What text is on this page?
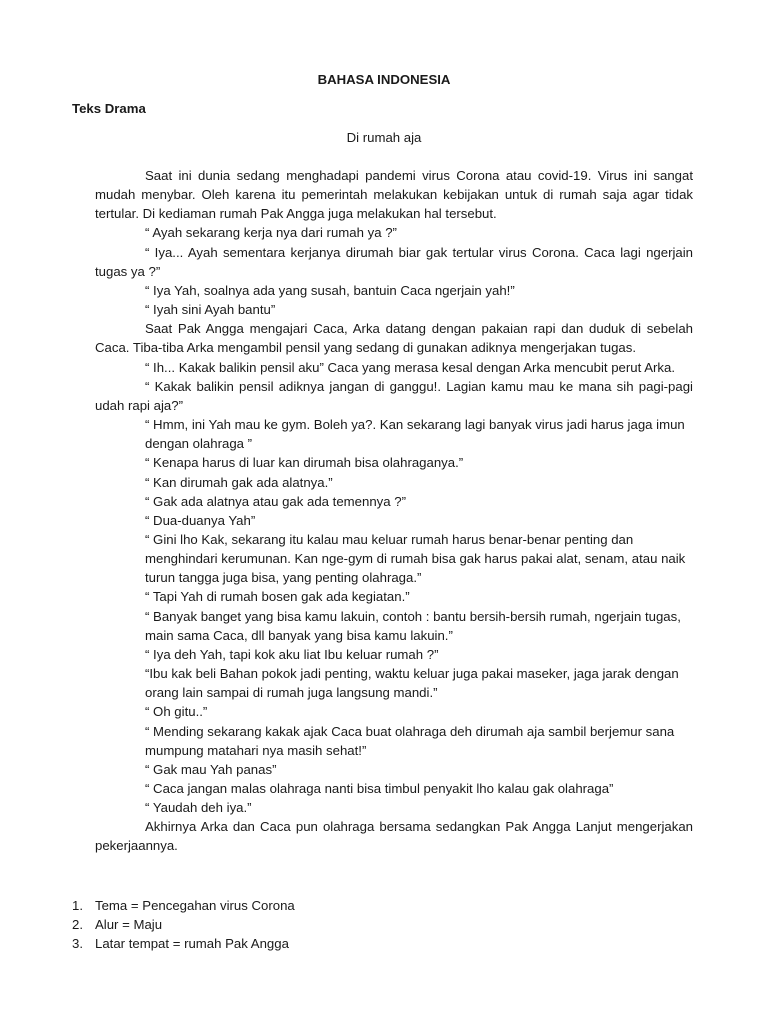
BAHASA INDONESIA
Teks Drama
Di rumah aja

Saat ini dunia sedang menghadapi pandemi virus Corona atau covid-19. Virus ini sangat mudah menybar. Oleh karena itu pemerintah melakukan kebijakan untuk di rumah saja agar tidak tertular. Di kediaman rumah Pak Angga juga melakukan hal tersebut.

“ Ayah sekarang kerja nya dari rumah ya ?”

“ Iya... Ayah sementara kerjanya dirumah biar gak tertular virus Corona. Caca lagi ngerjain tugas ya ?”

“ Iya Yah, soalnya ada yang susah, bantuin Caca ngerjain yah!”

“ Iyah sini Ayah bantu”

Saat Pak Angga mengajari Caca, Arka datang dengan pakaian rapi dan duduk di sebelah Caca. Tiba-tiba Arka mengambil pensil yang sedang di gunakan adiknya mengerjakan tugas.

“ Ih... Kakak balikin pensil aku” Caca yang merasa kesal dengan Arka mencubit perut Arka.

“ Kakak balikin pensil adiknya jangan di ganggu!. Lagian kamu mau ke mana sih pagi-pagi udah rapi aja?”

“ Hmm, ini Yah mau ke gym. Boleh ya?. Kan sekarang lagi banyak virus jadi harus jaga imun dengan olahraga ”

“ Kenapa harus di luar kan dirumah bisa olahraganya.”

“ Kan dirumah gak ada alatnya.”

“ Gak ada alatnya atau gak ada temennya ?”

“ Dua-duanya Yah”

“ Gini lho Kak, sekarang itu kalau mau keluar rumah harus benar-benar penting dan menghindari kerumunan. Kan nge-gym di rumah bisa gak harus pakai alat, senam, atau naik turun tangga juga bisa, yang penting olahraga.”

“ Tapi Yah di rumah bosen gak ada kegiatan.”

“ Banyak banget yang bisa kamu lakuin, contoh : bantu bersih-bersih rumah, ngerjain tugas, main sama Caca, dll banyak yang bisa kamu lakuin.”

“ Iya deh Yah, tapi kok aku liat Ibu keluar rumah ?”

“Ibu kak beli Bahan pokok jadi penting, waktu keluar juga pakai maseker, jaga jarak dengan orang lain sampai di rumah juga langsung mandi.”

“ Oh gitu..”

“ Mending sekarang kakak ajak Caca buat olahraga deh dirumah aja sambil berjemur sana mumpung matahari nya masih sehat!”

“ Gak mau Yah panas”

“ Caca jangan malas olahraga nanti bisa timbul penyakit lho kalau gak olahraga”

“ Yaudah deh iya.”

Akhirnya Arka dan Caca pun olahraga bersama sedangkan Pak Angga Lanjut mengerjakan pekerjaannya.

1. Tema = Pencegahan virus Corona
2. Alur = Maju
3. Latar tempat = rumah Pak Angga
